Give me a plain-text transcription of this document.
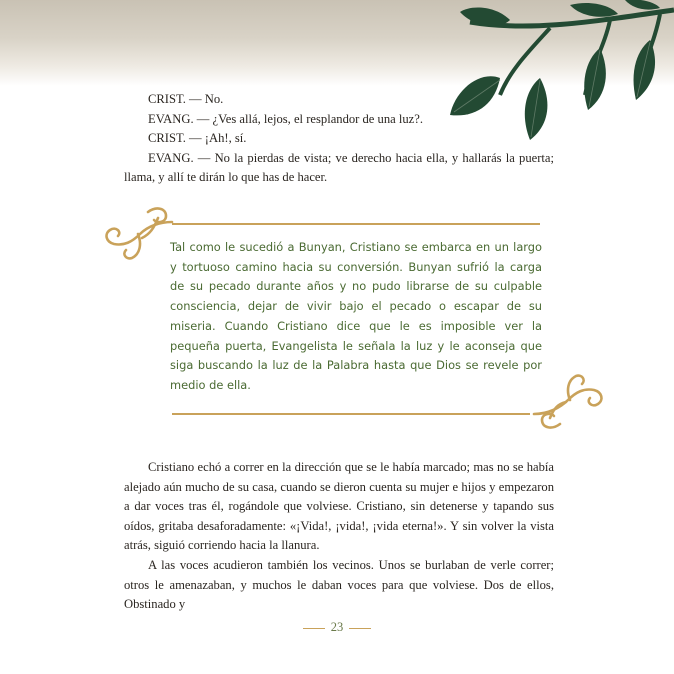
CRIST. — No.

EVANG. — ¿Ves allá, lejos, el resplandor de una luz?.

CRIST. — ¡Ah!, sí.

EVANG. — No la pierdas de vista; ve derecho hacia ella, y hallarás la puerta; llama, y allí te dirán lo que has de hacer.

Tal como le sucedió a Bunyan, Cristiano se embarca en un largo y tortuoso camino hacia su conversión. Bunyan sufrió la carga de su pecado durante años y no pudo librarse de su culpable consciencia, dejar de vivir bajo el pecado o escapar de su miseria. Cuando Cristiano dice que le es imposible ver la pequeña puerta, Evangelista le señala la luz y le aconseja que siga buscando la luz de la Palabra hasta que Dios se revele por medio de ella.

Cristiano echó a correr en la dirección que se le había marcado; mas no se había alejado aún mucho de su casa, cuando se dieron cuenta su mujer e hijos y empezaron a dar voces tras él, rogándole que volviese. Cristiano, sin detenerse y tapando sus oídos, gritaba desaforadamente: «¡Vida!, ¡vida!, ¡vida eterna!». Y sin volver la vista atrás, siguió corriendo hacia la llanura.

A las voces acudieron también los vecinos. Unos se burlaban de verle correr; otros le amenazaban, y muchos le daban voces para que volviese. Dos de ellos, Obstinado y

23
